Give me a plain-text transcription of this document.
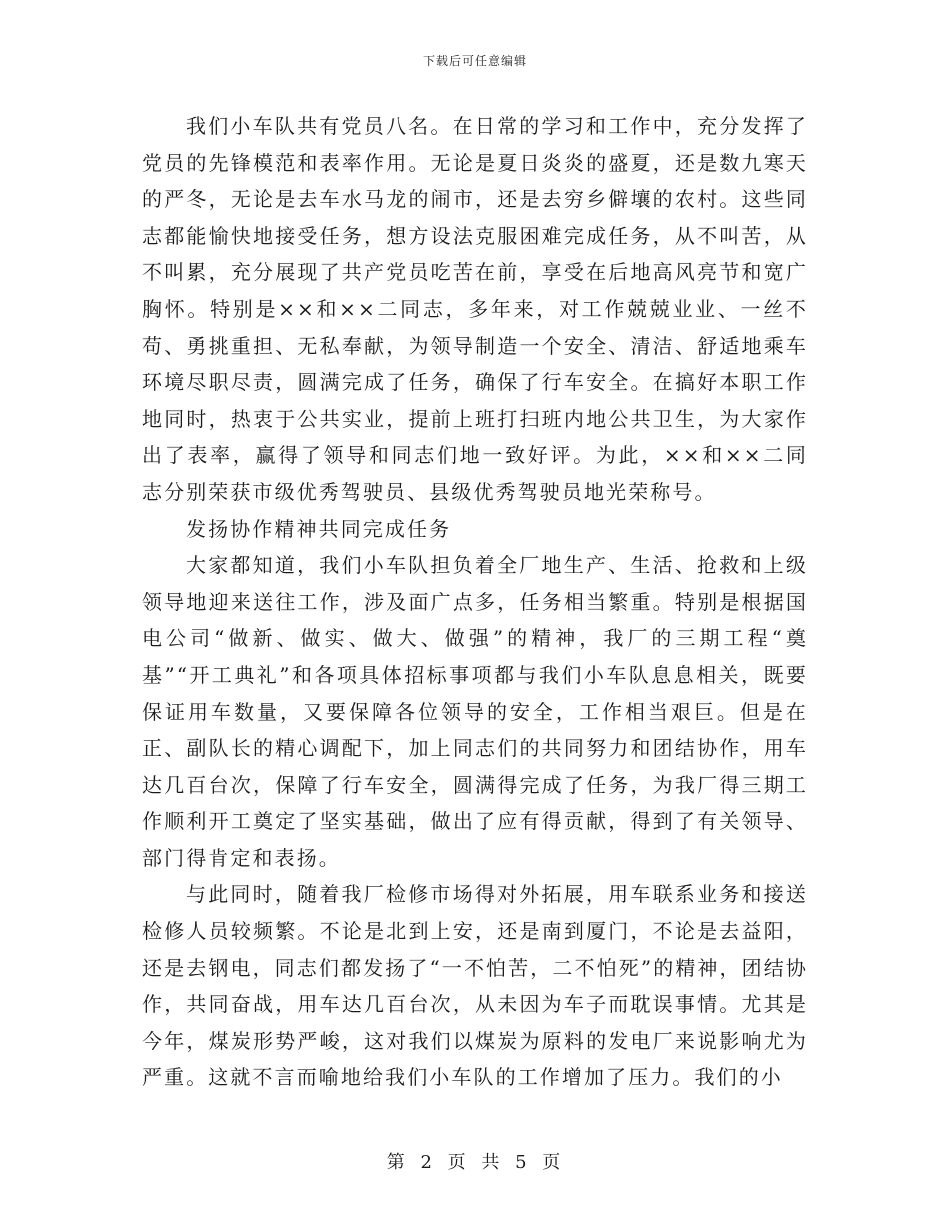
下载后可任意编辑

我们小车队共有党员八名。在日常的学习和工作中，充分发挥了党员的先锋模范和表率作用。无论是夏日炎炎的盛夏，还是数九寒天的严冬，无论是去车水马龙的闹市，还是去穷乡僻壤的农村。这些同志都能愉快地接受任务，想方设法克服困难完成任务，从不叫苦，从不叫累，充分展现了共产党员吃苦在前，享受在后地高风亮节和宽广胸怀。特别是××和××二同志，多年来，对工作兢兢业业、一丝不苟、勇挑重担、无私奉献，为领导制造一个安全、清洁、舒适地乘车环境尽职尽责，圆满完成了任务，确保了行车安全。在搞好本职工作地同时，热衷于公共实业，提前上班打扫班内地公共卫生，为大家作出了表率，赢得了领导和同志们地一致好评。为此，××和××二同志分别荣获市级优秀驾驶员、县级优秀驾驶员地光荣称号。

发扬协作精神共同完成任务

大家都知道，我们小车队担负着全厂地生产、生活、抢救和上级领导地迎来送往工作，涉及面广点多，任务相当繁重。特别是根据国电公司“做新、做实、做大、做强”的精神，我厂的三期工程“奠基”“开工典礼”和各项具体招标事项都与我们小车队息息相关，既要保证用车数量，又要保障各位领导的安全，工作相当艰巨。但是在正、副队长的精心调配下，加上同志们的共同努力和团结协作，用车达几百台次，保障了行车安全，圆满得完成了任务，为我厂得三期工作顺利开工奠定了坚实基础，做出了应有得贡献，得到了有关领导、部门得肯定和表扬。

与此同时，随着我厂检修市场得对外拓展，用车联系业务和接送检修人员较频繁。不论是北到上安，还是南到厦门，不论是去益阳，还是去钢电，同志们都发扬了“一不怕苦，二不怕死”的精神，团结协作，共同奋战，用车达几百台次，从未因为车子而耽误事情。尤其是今年，煤炭形势严峻，这对我们以煤炭为原料的发电厂来说影响尤为严重。这就不言而喻地给我们小车队的工作增加了压力。我们的小

第 2 页 共 5 页
